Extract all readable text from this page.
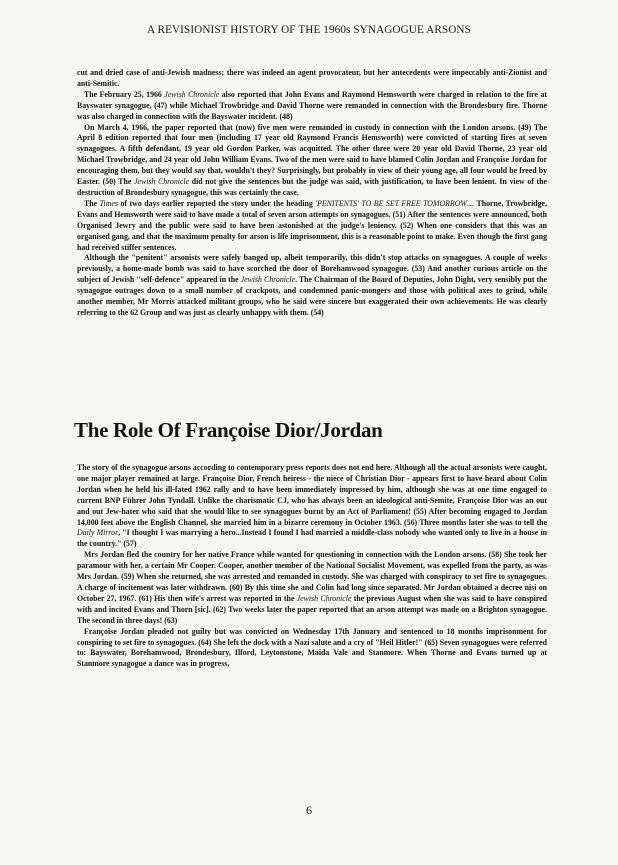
A REVISIONIST HISTORY OF THE 1960s SYNAGOGUE ARSONS

cut and dried case of anti-Jewish madness; there was indeed an agent provocateur, but her antecedents were impeccably anti-Zionist and anti-Semitic.

The February 25, 1966 Jewish Chronicle also reported that John Evans and Raymond Hemsworth were charged in relation to the fire at Bayswater synagogue, (47) while Michael Trowbridge and David Thorne were remanded in connection with the Brondesbury fire. Thorne was also charged in connection with the Bayswater incident. (48)

On March 4, 1966, the paper reported that (now) five men were remanded in custody in connection with the London arsons. (49) The April 8 edition reported that four men (including 17 year old Raymond Francis Hemsworth) were convicted of starting fires at seven synagogues. A fifth defendant, 19 year old Gordon Parker, was acquitted. The other three were 20 year old David Thorne, 23 year old Michael Trowbridge, and 24 year old John William Evans. Two of the men were said to have blamed Colin Jordan and Françoise Jordan for encouraging them, but they would say that, wouldn't they? Surprisingly, but probably in view of their young age, all four would be freed by Easter. (50) The Jewish Chronicle did not give the sentences but the judge was said, with justification, to have been lenient. In view of the destruction of Brondesbury synagogue, this was certainly the case.

The Times of two days earlier reported the story under the heading 'PENITENTS' TO BE SET FREE TOMORROW.... Thorne, Trowbridge, Evans and Hemsworth were said to have made a total of seven arson attempts on synagogues. (51) After the sentences were announced, both Organised Jewry and the public were said to have been astonished at the judge's leniency. (52) When one considers that this was an organised gang, and that the maximum penalty for arson is life imprisonment, this is a reasonable point to make. Even though the first gang had received stiffer sentences.

Although the "penitent" arsonists were safely banged up, albeit temporarily, this didn't stop attacks on synagogues. A couple of weeks previously, a home-made bomb was said to have scorched the door of Borehamwood synagogue. (53) And another curious article on the subject of Jewish "self-defence" appeared in the Jewish Chronicle. The Chairman of the Board of Deputies, John Dight, very sensibly put the synagogue outrages down to a small number of crackpots, and condemned panic-mongers and those with political axes to grind, while another member, Mr Morris attacked militant groups, who he said were sincere but exaggerated their own achievements. He was clearly referring to the 62 Group and was just as clearly unhappy with them. (54)

The Role Of Françoise Dior/Jordan

The story of the synagogue arsons according to contemporary press reports does not end here. Although all the actual arsonists were caught, one major player remained at large. Françoise Dior, French heiress - the niece of Christian Dior - appears first to have heard about Colin Jordan when he held his ill-fated 1962 rally and to have been immediately impressed by him, although she was at one time engaged to current BNP Führer John Tyndall. Unlike the charismatic CJ, who has always been an ideological anti-Semite, Françoise Dior was an out and out Jew-hater who said that she would like to see synagogues burnt by an Act of Parliament! (55) After becoming engaged to Jordan 14,000 feet above the English Channel, she married him in a bizarre ceremony in October 1963. (56) Three months later she was to tell the Daily Mirror, "I thought I was marrying a hero...Instead I found I had married a middle-class nobody who wanted only to live in a house in the country." (57)

Mrs Jordan fled the country for her native France while wanted for questioning in connection with the London arsons. (58) She took her paramour with her, a certain Mr Cooper. Cooper, another member of the National Socialist Movement, was expelled from the party, as was Mrs Jordan. (59) When she returned, she was arrested and remanded in custody. She was charged with conspiracy to set fire to synagogues. A charge of incitement was later withdrawn. (60) By this time she and Colin had long since separated. Mr Jordan obtained a decree nisi on October 27, 1967. (61) His then wife's arrest was reported in the Jewish Chronicle the previous August when she was said to have conspired with and incited Evans and Thorn [sic]. (62) Two weeks later the paper reported that an arson attempt was made on a Brighton synagogue. The second in three days! (63)

Françoise Jordan pleaded not guilty but was convicted on Wednesday 17th January and sentenced to 18 months imprisonment for conspiring to set fire to synagogues. (64) She left the dock with a Nazi salute and a cry of "Heil Hitler!" (65) Seven synagogues were referred to: Bayswater, Borehamwood, Brondesbury, Ilford, Leytonstone, Maida Vale and Stanmore. When Thorne and Evans turned up at Stanmore synagogue a dance was in progress,

6
